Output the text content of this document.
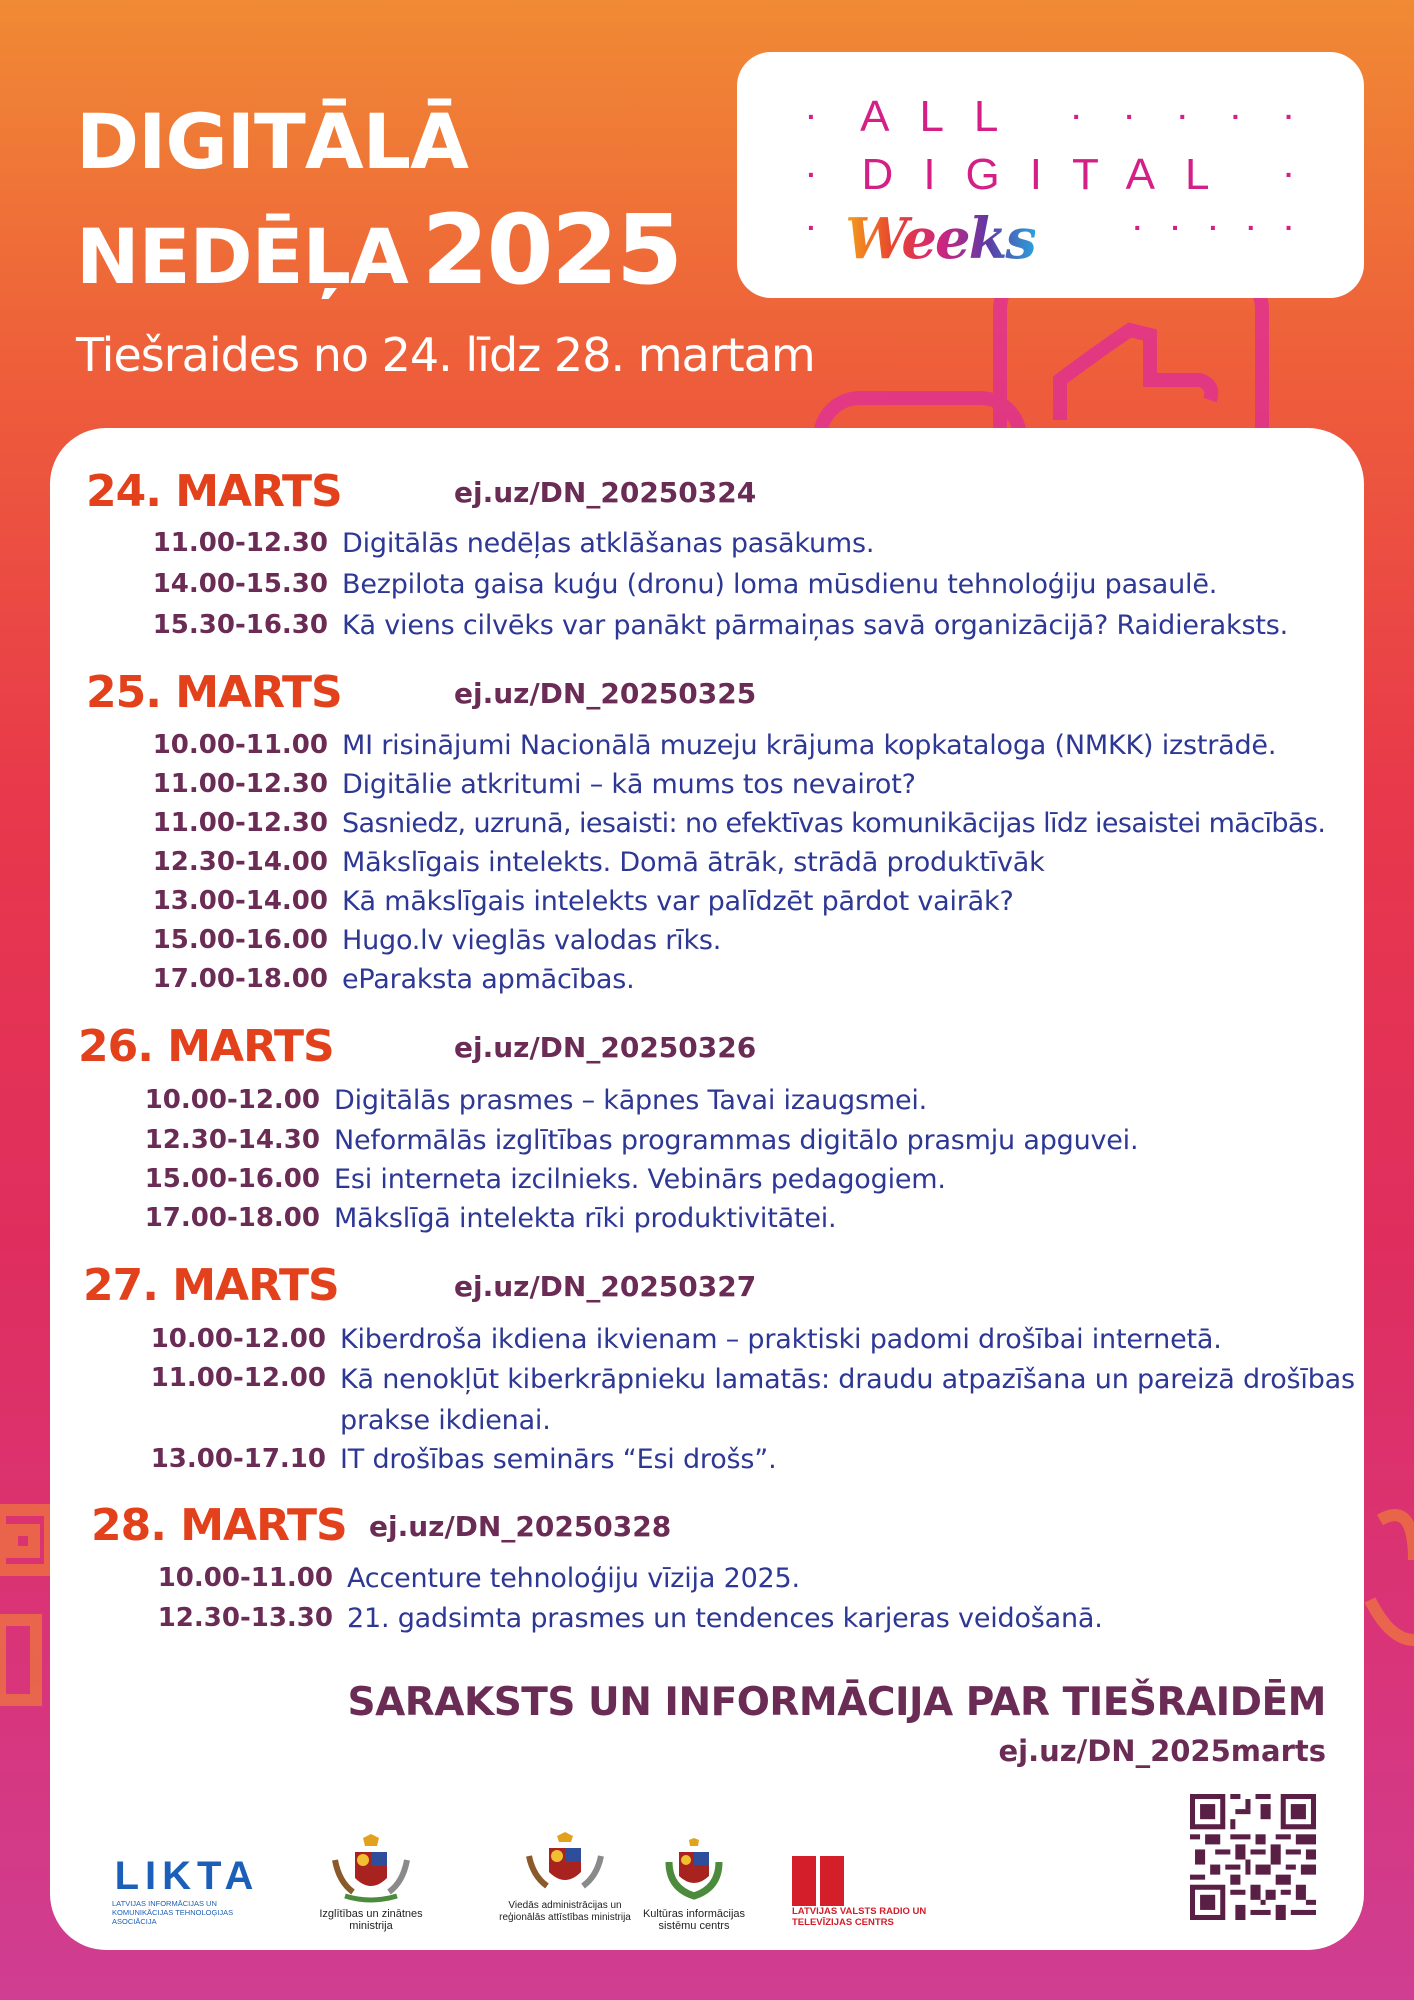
DIGITĀLĀ
NEDĒĻA 2025
Tiešraides no 24. līdz 28. martam
· ALL · · · · ·
· DIGITAL ·
·	· · · · ·
Weeks
24. MARTS	ej.uz/DN_20250324
11.00-12.30 Digitālās nedēļas atklāšanas pasākums.
14.00-15.30 Bezpilota gaisa kuģu (dronu) loma mūsdienu tehnoloģiju pasaulē.
15.30-16.30 Kā viens cilvēks var panākt pārmaiņas savā organizācijā? Raidieraksts.
25. MARTS	ej.uz/DN_20250325
10.00-11.00 MI risinājumi Nacionālā muzeju krājuma kopkataloga (NMKK) izstrādē.
11.00-12.30 Digitālie atkritumi – kā mums tos nevairot?
11.00-12.30 Sasniedz, uzrunā, iesaisti: no efektīvas komunikācijas līdz iesaistei mācībās.
12.30-14.00 Mākslīgais intelekts. Domā ātrāk, strādā produktīvāk
13.00-14.00 Kā mākslīgais intelekts var palīdzēt pārdot vairāk?
15.00-16.00 Hugo.lv vieglās valodas rīks.
17.00-18.00 eParaksta apmācības.
26. MARTS	ej.uz/DN_20250326
10.00-12.00 Digitālās prasmes – kāpnes Tavai izaugsmei.
12.30-14.30 Neformālās izglītības programmas digitālo prasmju apguvei.
15.00-16.00 Esi interneta izcilnieks. Vebinārs pedagogiem.
17.00-18.00 Mākslīgā intelekta rīki produktivitātei.
27. MARTS	ej.uz/DN_20250327
10.00-12.00 Kiberdroša ikdiena ikvienam – praktiski padomi drošībai internetā.
11.00-12.00 Kā nenokļūt kiberkrāpnieku lamatās: draudu atpazīšana un pareizā drošības prakse ikdienai.
13.00-17.10 IT drošības seminārs “Esi drošs”.
28. MARTS ej.uz/DN_20250328
10.00-11.00 Accenture tehnoloģiju vīzija 2025.
12.30-13.30 21. gadsimta prasmes un tendences karjeras veidošanā.
SARAKSTS UN INFORMĀCIJA PAR TIEŠRAIDĒM
ej.uz/DN_2025marts
LIKTA
LATVIJAS INFORMĀCIJAS UN KOMUNIKĀCIJAS TEHNOLOĢIJAS ASOCIĀCIJA
Izglītības un zinātnes ministrija
Viedās administrācijas un reģionālās attīstības ministrija	Kultūras informācijas sistēmu centrs
LATVIJAS VALSTS RADIO UN TELEVĪZIJAS CENTRS
